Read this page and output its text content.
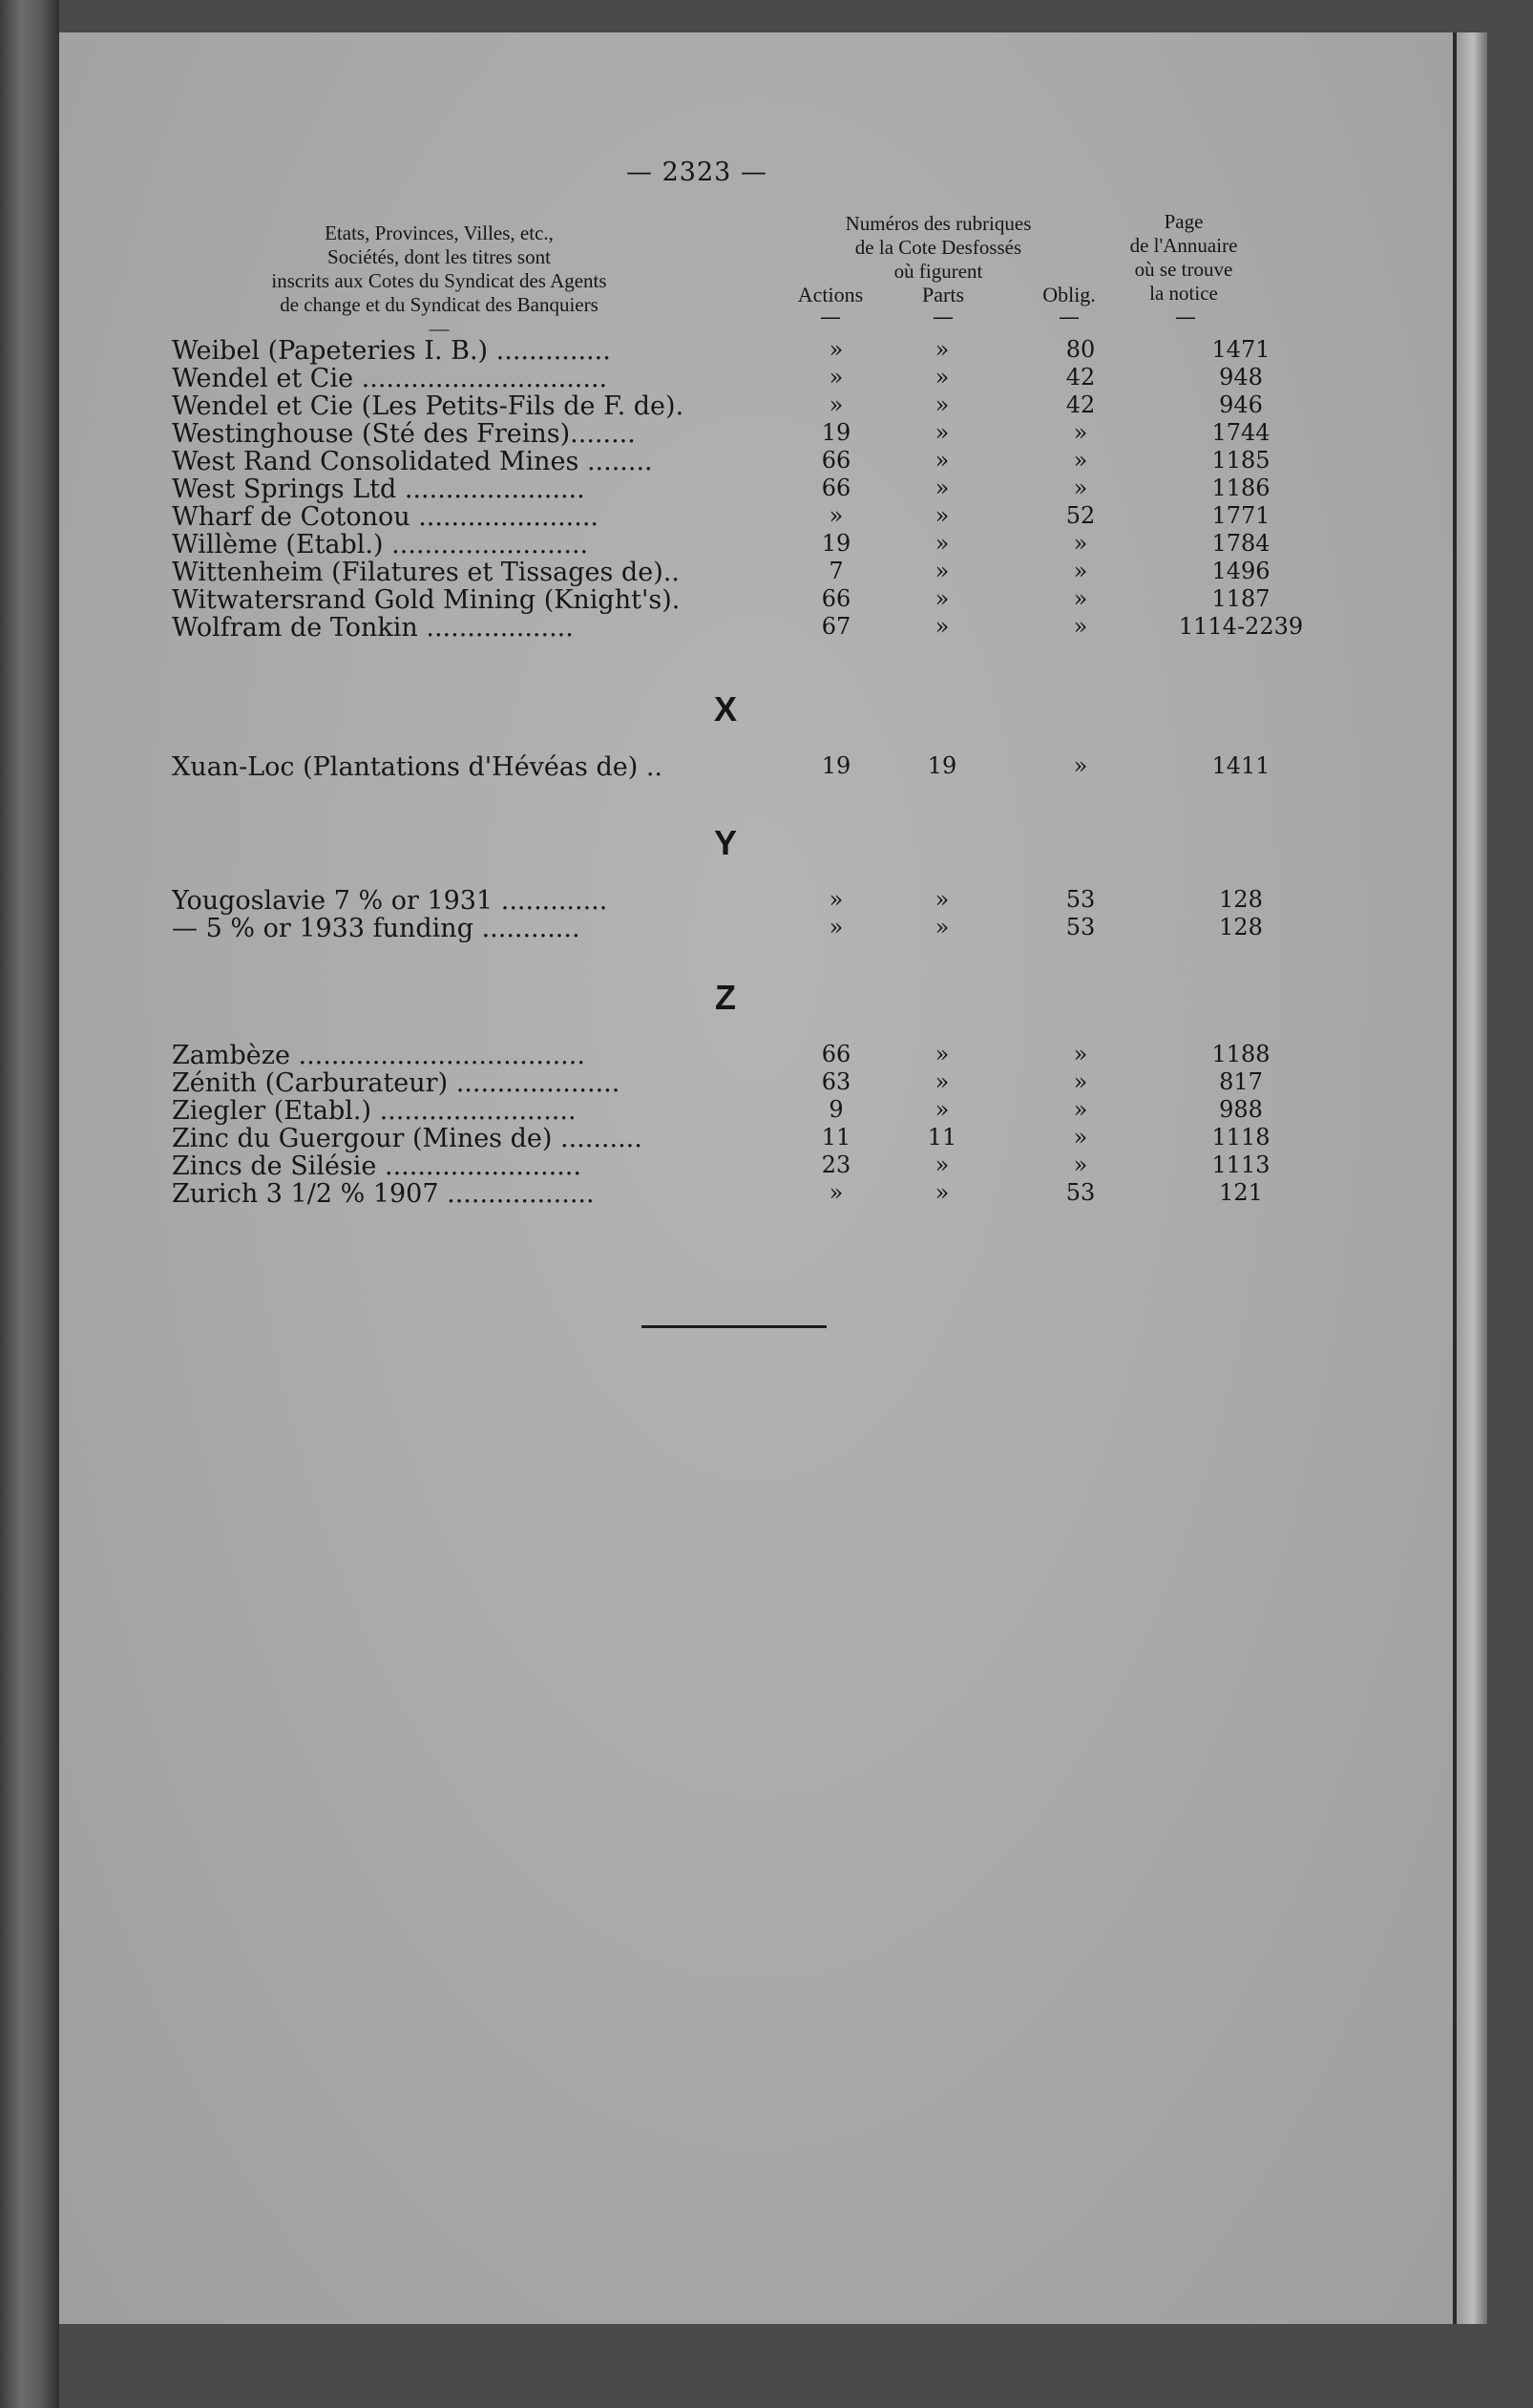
— 2323 —
Etats, Provinces, Villes, etc.,
Sociétés, dont les titres sont
inscrits aux Cotes du Syndicat des Agents
de change et du Syndicat des Banquiers
—
Numéros des rubriques
de la Cote Desfossés
où figurent
Page
de l'Annuaire
où se trouve
la notice
Actions	Parts	Oblig.
—	—	—	—
Weibel (Papeteries I. B.) ..............	»	»	80	1471
Wendel et Cie ..............................	»	»	42	948
Wendel et Cie (Les Petits-Fils de F. de).	»	»	42	946
Westinghouse (Sté des Freins)........	19	»	»	1744
West Rand Consolidated Mines ........	66	»	»	1185
West Springs Ltd ......................	66	»	»	1186
Wharf de Cotonou ......................	»	»	52	1771
Willème (Etabl.) ........................	19	»	»	1784
Wittenheim (Filatures et Tissages de)..	7	»	»	1496
Witwatersrand Gold Mining (Knight's).	66	»	»	1187
Wolfram de Tonkin ..................	67	»	»	1114-2239
X
Xuan-Loc (Plantations d'Hévéas de) ..	19	19	»	1411
Y
Yougoslavie 7 % or 1931 .............	»	»	53	128
— 5 % or 1933 funding ............	»	»	53	128
Z
Zambèze ...................................	66	»	»	1188
Zénith (Carburateur) ....................	63	»	»	817
Ziegler (Etabl.) ........................	9	»	»	988
Zinc du Guergour (Mines de) ..........	11	11	»	1118
Zincs de Silésie ........................	23	»	»	1113
Zurich 3 1/2 % 1907 ..................	»	»	53	121
